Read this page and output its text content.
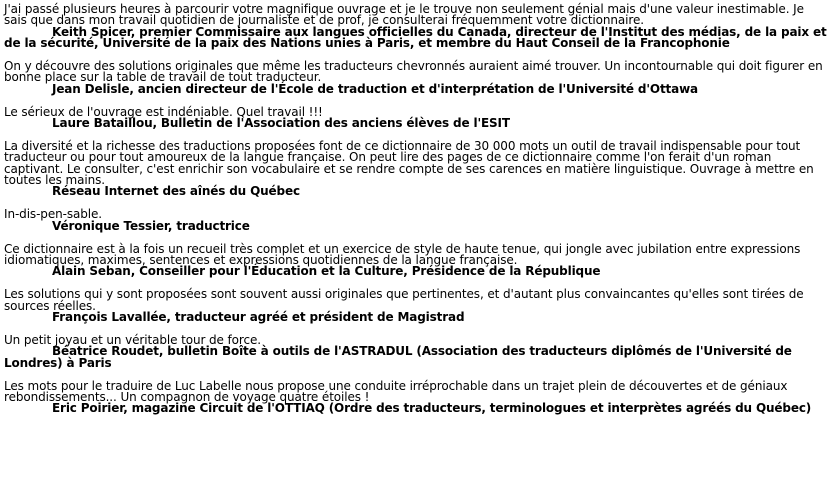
J'ai passé plusieurs heures à parcourir votre magnifique ouvrage et je le trouve non seulement génial mais d'une valeur inestimable. Je sais que dans mon travail quotidien de journaliste et de prof, je consulterai fréquemment votre dictionnaire.

Keith Spicer, premier Commissaire aux langues officielles du Canada, directeur de l'Institut des médias, de la paix et de la sécurité, Université de la paix des Nations unies à Paris, et membre du Haut Conseil de la Francophonie

On y découvre des solutions originales que même les traducteurs chevronnés auraient aimé trouver. Un incontournable qui doit figurer en bonne place sur la table de travail de tout traducteur.

Jean Delisle, ancien directeur de l'École de traduction et d'interprétation de l'Université d'Ottawa

Le sérieux de l'ouvrage est indéniable. Quel travail !!!

Laure Bataillou, Bulletin de l'Association des anciens élèves de l'ESIT

La diversité et la richesse des traductions proposées font de ce dictionnaire de 30 000 mots un outil de travail indispensable pour tout traducteur ou pour tout amoureux de la langue française. On peut lire des pages de ce dictionnaire comme l'on ferait d'un roman captivant. Le consulter, c'est enrichir son vocabulaire et se rendre compte de ses carences en matière linguistique. Ouvrage à mettre en toutes les mains.

Réseau Internet des aînés du Québec

In-dis-pen-sable.

Véronique Tessier, traductrice

Ce dictionnaire est à la fois un recueil très complet et un exercice de style de haute tenue, qui jongle avec jubilation entre expressions idiomatiques, maximes, sentences et expressions quotidiennes de la langue française.

Alain Seban, Conseiller pour l'Éducation et la Culture, Présidence de la République

Les solutions qui y sont proposées sont souvent aussi originales que pertinentes, et d'autant plus convaincantes qu'elles sont tirées de sources réelles.

François Lavallée, traducteur agréé et président de Magistrad

Un petit joyau et un véritable tour de force.

Béatrice Roudet, bulletin Boîte à outils de l'ASTRADUL (Association des traducteurs diplômés de l'Université de Londres) à Paris

Les mots pour le traduire de Luc Labelle nous propose une conduite irréprochable dans un trajet plein de découvertes et de géniaux rebondissements... Un compagnon de voyage quatre étoiles !

Eric Poirier, magazine Circuit de l'OTTIAQ (Ordre des traducteurs, terminologues et interprètes agréés du Québec)
